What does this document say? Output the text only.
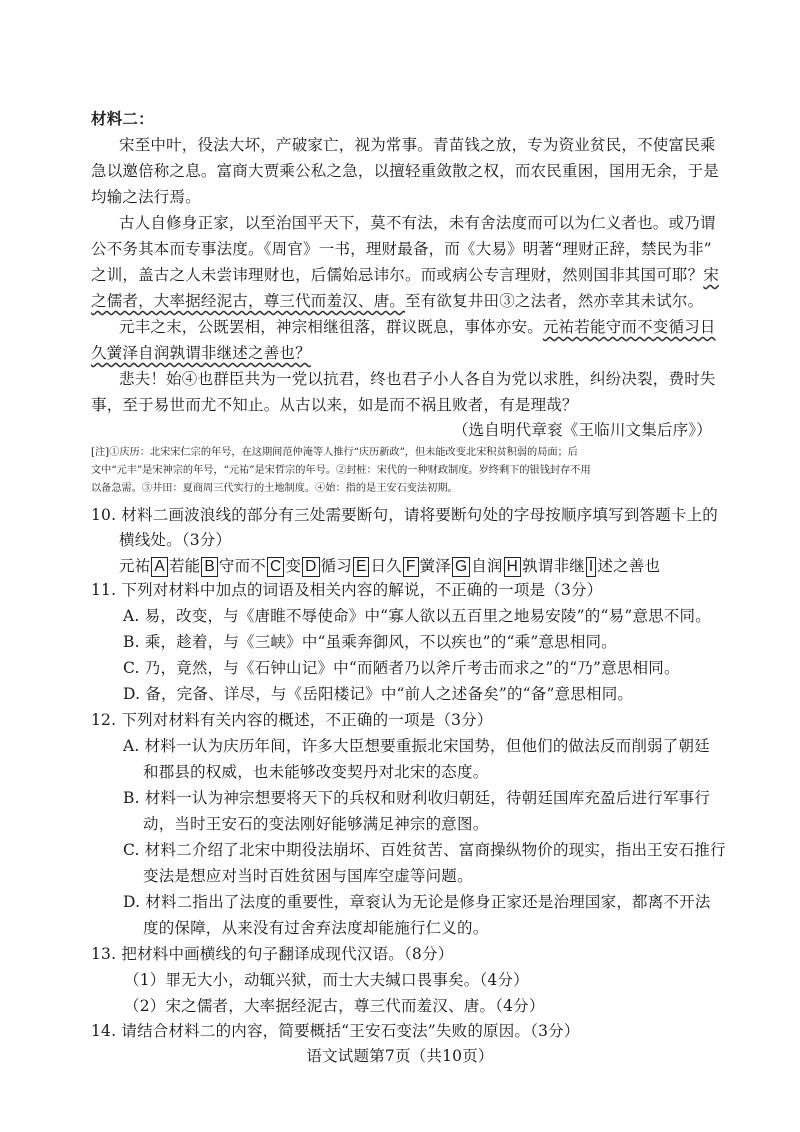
材料二：
宋至中叶，役法大坏，产破家亡，视为常事。青苗钱之放，专为资业贫民，不使富民乘
急以邀倍称之息。富商大贾乘公私之急，以擅轻重敛散之权，而农民重困，国用无余，于是
均输之法行焉。
古人自修身正家，以至治国平天下，莫不有法，未有舍法度而可以为仁义者也。或乃谓
公不务其本而专事法度。《周官》一书，理财最备，而《大易》明著“理财正辞，禁民为非”
之训，盖古之人未尝讳理财也，后儒始忌讳尔。而或病公专言理财，然则国非其国可耶？宋
之儒者，大率据经泥古，尊三代而羞汉、唐。至有欲复井田③之法者，然亦幸其未试尔。
元丰之末，公既罢相，神宗相继徂落，群议既息，事体亦安。元祐若能守而不变循习日
久黉泽自润孰谓非继述之善也？
悲夫！始④也群臣共为一党以抗君，终也君子小人各自为党以求胜，纠纷决裂，费时失
事，至于易世而尤不知止。从古以来，如是而不祸且败者，有是理哉？
（选自明代章衮《王临川文集后序》）
[注]①庆历：北宋宋仁宗的年号，在这期间范仲淹等人推行“庆历新政”，但未能改变北宋积贫积弱的局面；后
文中“元丰”是宋神宗的年号，“元祐”是宋哲宗的年号。②封桩：宋代的一种财政制度。岁终剩下的银钱封存不用
以备急需。③井田：夏商周三代实行的土地制度。④始：指的是王安石变法初期。
10. 材料二画波浪线的部分有三处需要断句，请将要断句处的字母按顺序填写到答题卡上的
横线处。（3分）
元祐 A 若能 B 守而不 C 变 D 循习 E 日久 F 黉泽 G 自润 H 孰谓非继 I 述之善也
11. 下列对材料中加点的词语及相关内容的解说，不正确的一项是（3分）
A. 易，改变，与《唐睢不辱使命》中“寡人欲以五百里之地易安陵”的“易”意思不同。
B. 乘，趁着，与《三峡》中“虽乘奔御风，不以疾也”的“乘”意思相同。
C. 乃，竟然，与《石钟山记》中“而陋者乃以斧斤考击而求之”的“乃”意思相同。
D. 备，完备、详尽，与《岳阳楼记》中“前人之述备矣”的“备”意思相同。
12. 下列对材料有关内容的概述，不正确的一项是（3分）
A. 材料一认为庆历年间，许多大臣想要重振北宋国势，但他们的做法反而削弱了朝廷
和郡县的权威，也未能够改变契丹对北宋的态度。
B. 材料一认为神宗想要将天下的兵权和财利收归朝廷，待朝廷国库充盈后进行军事行
动，当时王安石的变法刚好能够满足神宗的意图。
C. 材料二介绍了北宋中期役法崩坏、百姓贫苦、富商操纵物价的现实，指出王安石推行
变法是想应对当时百姓贫困与国库空虚等问题。
D. 材料二指出了法度的重要性，章衮认为无论是修身正家还是治理国家，都离不开法
度的保障，从来没有过舍弃法度却能施行仁义的。
13. 把材料中画横线的句子翻译成现代汉语。（8分）
（1）罪无大小，动辄兴狱，而士大夫缄口畏事矣。（4分）
（2）宋之儒者，大率据经泥古，尊三代而羞汉、唐。（4分）
14. 请结合材料二的内容，简要概括“王安石变法”失败的原因。（3分）
语文试题第7页（共10页）
